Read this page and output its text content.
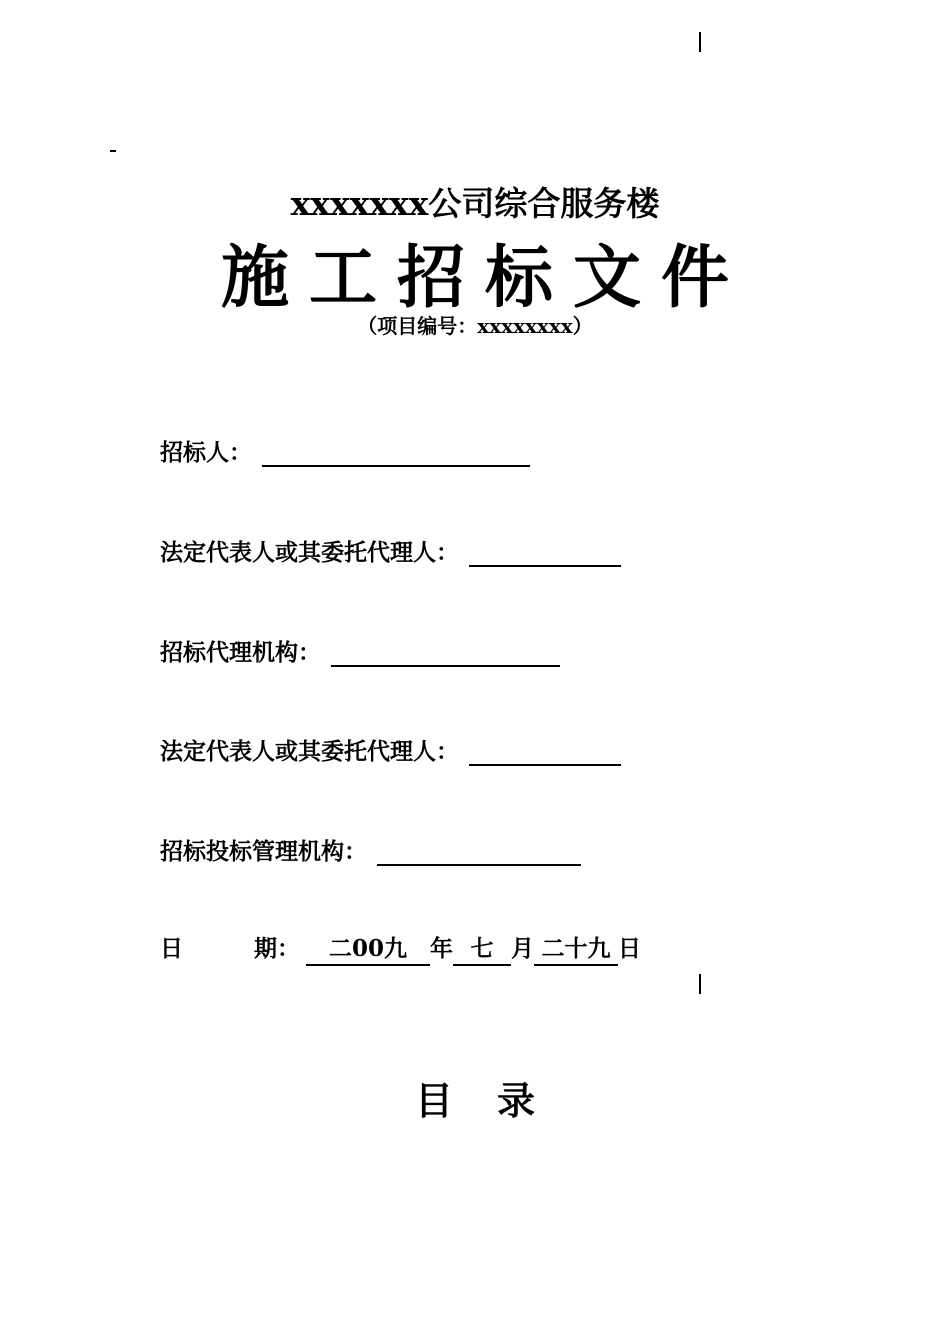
xxxxxxx公司综合服务楼
施工招标文件
（项目编号：xxxxxxxx）
招标人：
法定代表人或其委托代理人：
招标代理机构：
法定代表人或其委托代理人：
招标投标管理机构：
日	期： 二00九 年 七 月 二十九 日
目 录
